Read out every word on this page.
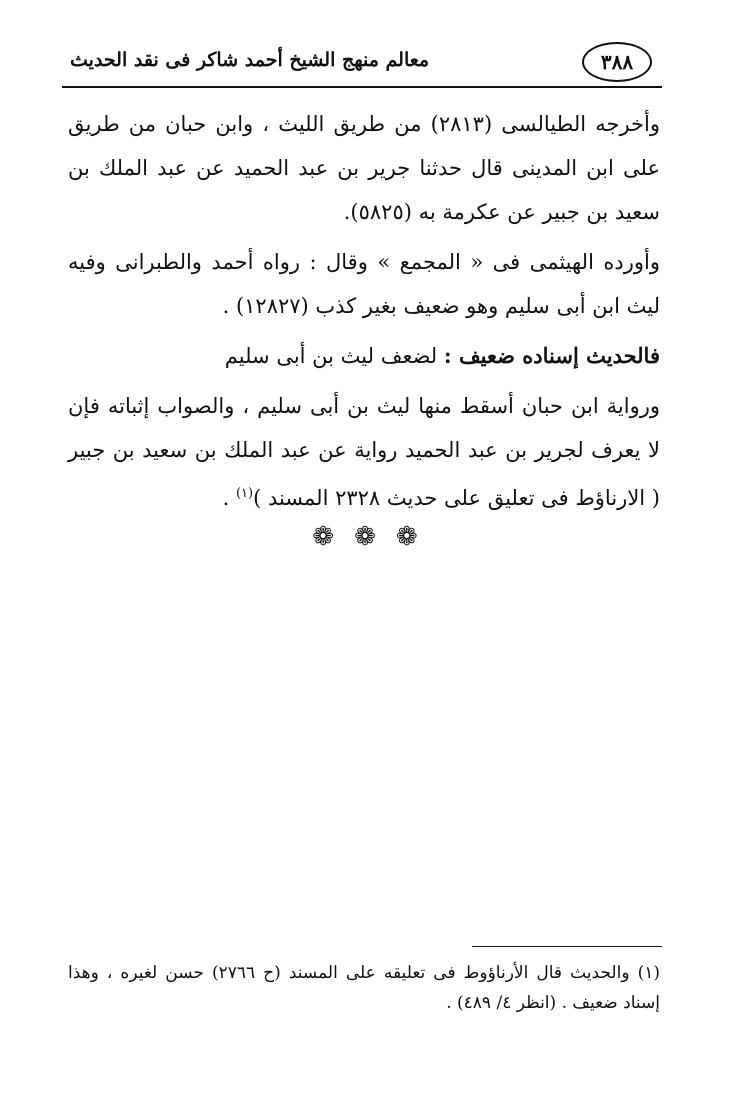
٣٨٨
معالم منهج الشيخ أحمد شاكر فى نقد الحديث

وأخرجه الطيالسى (٢٨١٣) من طريق الليث ، وابن حبان من طريق على ابن المدينى قال حدثنا جرير بن عبد الحميد عن عبد الملك بن سعيد بن جبير عن عكرمة به (٥٨٢٥).

وأورده الهيثمى فى « المجمع » وقال : رواه أحمد والطبرانى وفيه ليث ابن أبى سليم وهو ضعيف بغير كذب (١٢٨٢٧) .

فالحديث إسناده ضعيف : لضعف ليث بن أبى سليم

ورواية ابن حبان أسقط منها ليث بن أبى سليم ، والصواب إثباته فإن لا يعرف لجرير بن عبد الحميد رواية عن عبد الملك بن سعيد بن جبير ( الارناؤط فى تعليق على حديث ٢٣٢٨ المسند )$^{(١)}$ .

❁ ❁ ❁

(١) والحديث قال الأرناؤوط فى تعليقه على المسند (ح ٢٧٦٦) حسن لغيره ، وهذا إسناد ضعيف . (انظر ٤/ ٤٨٩) .
